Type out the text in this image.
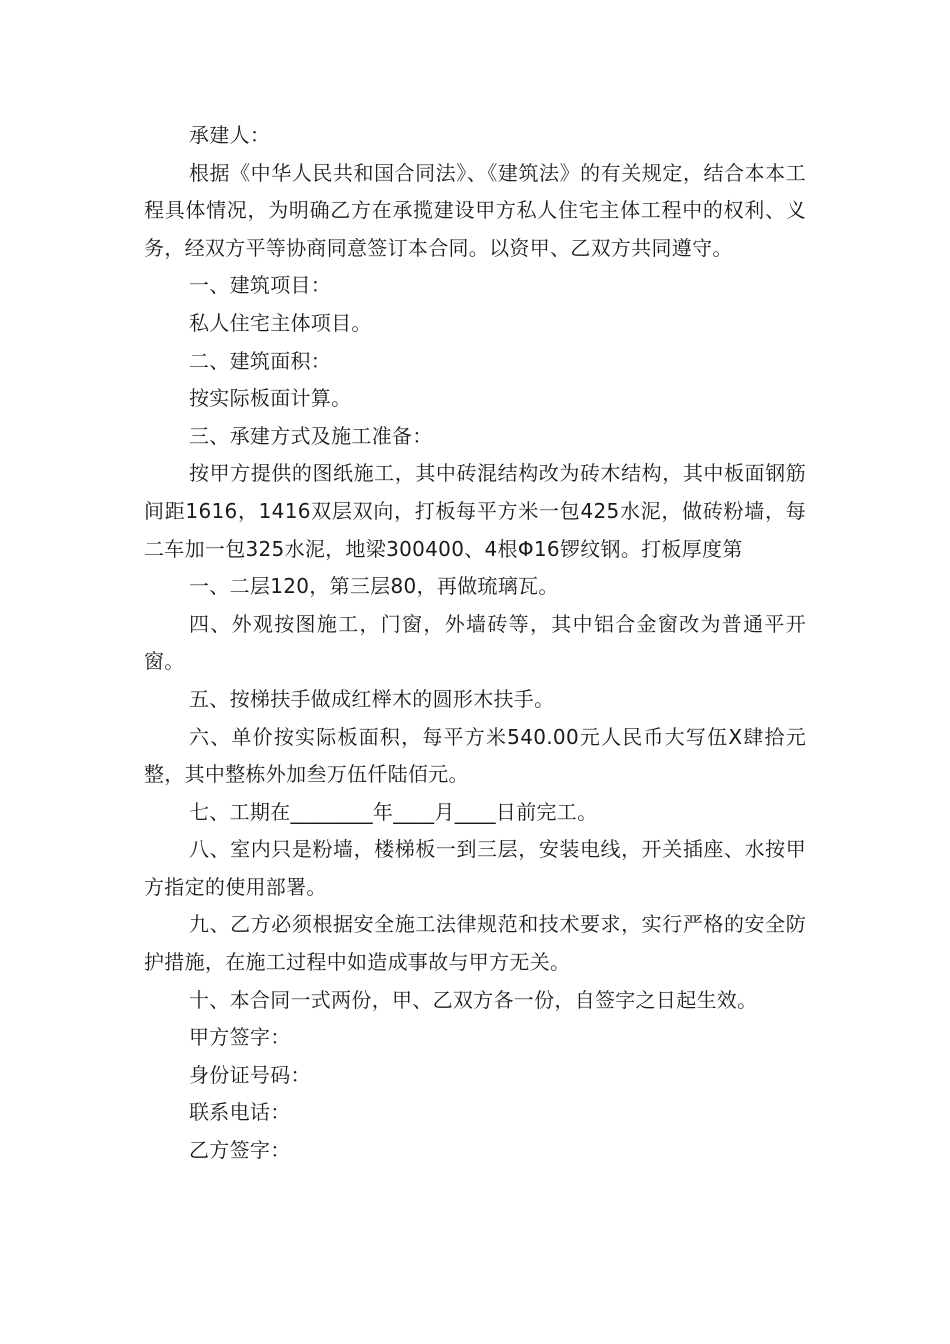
承建人：

根据《中华人民共和国合同法》、《建筑法》的有关规定，结合本本工程具体情况，为明确乙方在承揽建设甲方私人住宅主体工程中的权利、义务，经双方平等协商同意签订本合同。以资甲、乙双方共同遵守。

一、建筑项目：

私人住宅主体项目。

二、建筑面积：

按实际板面计算。

三、承建方式及施工准备：

按甲方提供的图纸施工，其中砖混结构改为砖木结构，其中板面钢筋间距1616，1416双层双向，打板每平方米一包425水泥，做砖粉墙，每二车加一包325水泥，地梁300400、4根Φ16锣纹钢。打板厚度第

一、二层120，第三层80，再做琉璃瓦。

四、外观按图施工，门窗，外墙砖等，其中铝合金窗改为普通平开窗。

五、按梯扶手做成红榉木的圆形木扶手。

六、单价按实际板面积，每平方米540.00元人民币大写伍X肆拾元整，其中整栋外加叁万伍仟陆佰元。

七、工期在________年____月____日前完工。

八、室内只是粉墙，楼梯板一到三层，安装电线，开关插座、水按甲方指定的使用部署。

九、乙方必须根据安全施工法律规范和技术要求，实行严格的安全防护措施，在施工过程中如造成事故与甲方无关。

十、本合同一式两份，甲、乙双方各一份，自签字之日起生效。

甲方签字：

身份证号码：

联系电话：

乙方签字：
